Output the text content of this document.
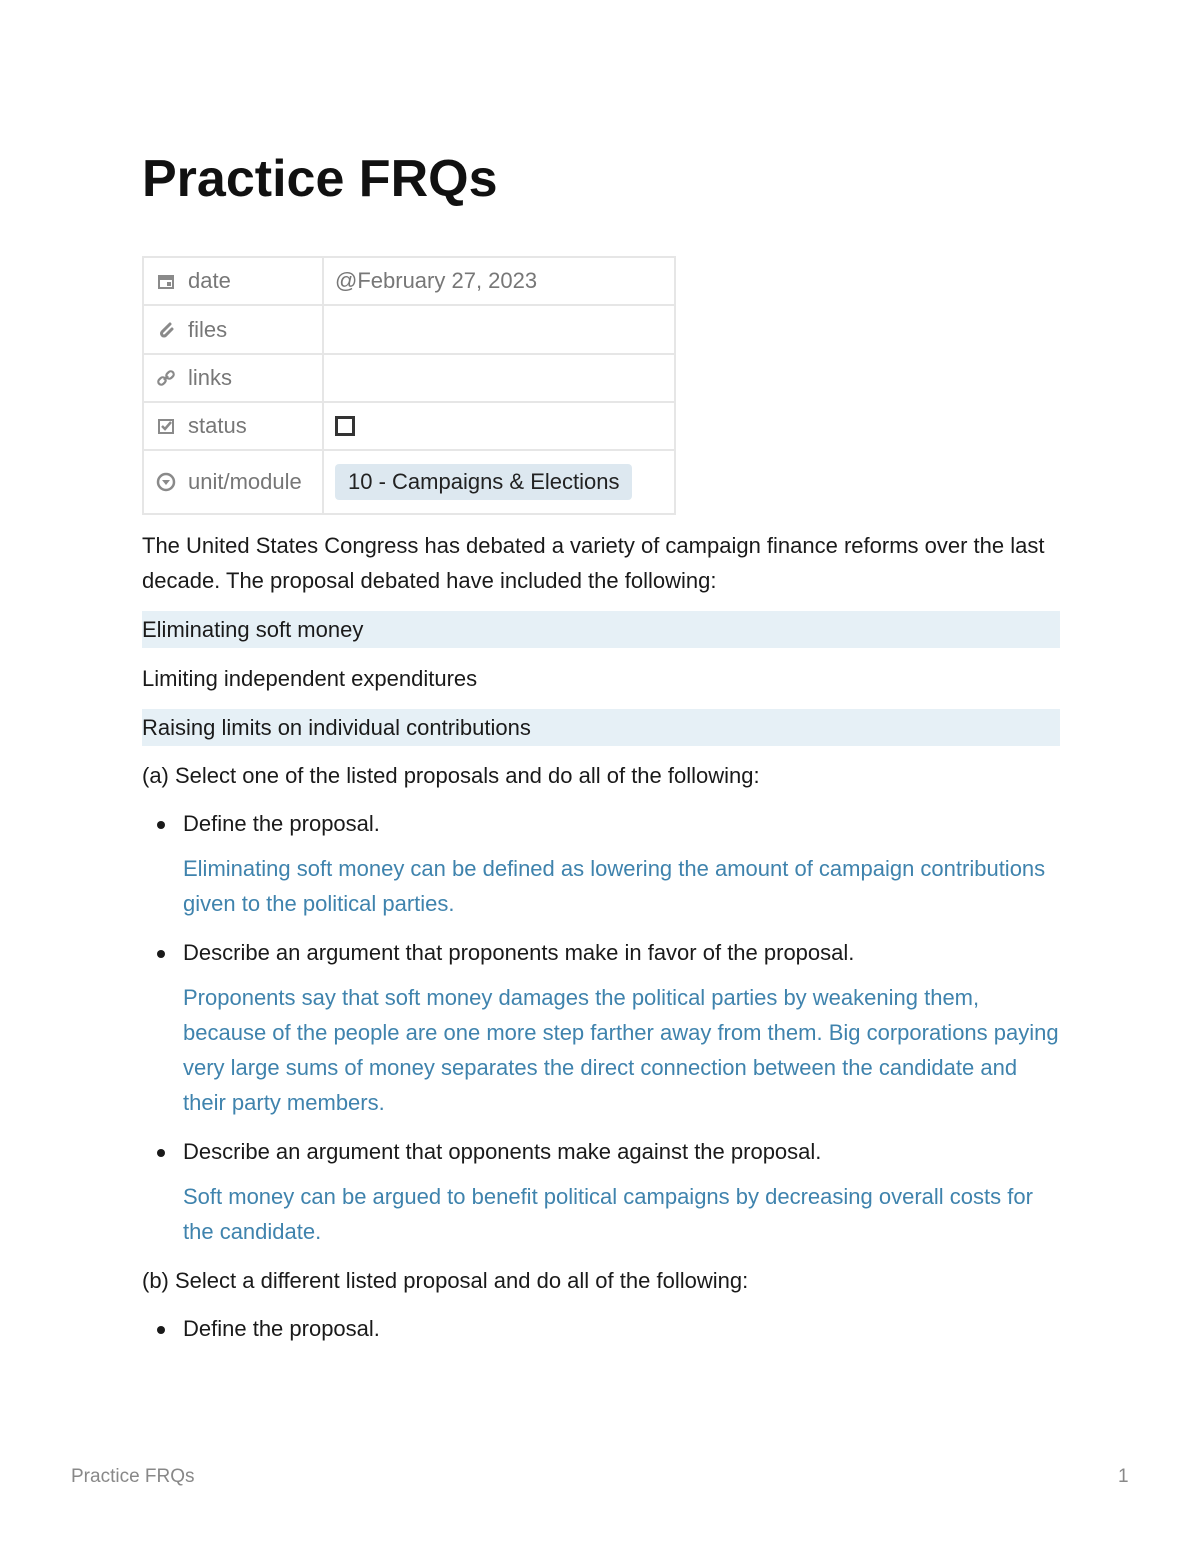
Practice FRQs
date	@February 27, 2023

files	

links	

status	

unit/module	10 - Campaigns & Elections

The United States Congress has debated a variety of campaign finance reforms over the last decade. The proposal debated have included the following:

Eliminating soft money
Limiting independent expenditures
Raising limits on individual contributions

(a) Select one of the listed proposals and do all of the following:

Define the proposal.

Eliminating soft money can be defined as lowering the amount of campaign contributions given to the political parties.

Describe an argument that proponents make in favor of the proposal.

Proponents say that soft money damages the political parties by weakening them, because of the people are one more step farther away from them. Big corporations paying very large sums of money separates the direct connection between the candidate and their party members.

Describe an argument that opponents make against the proposal.

Soft money can be argued to benefit political campaigns by decreasing overall costs for the candidate.

(b) Select a different listed proposal and do all of the following:

Define the proposal.
Practice FRQs	1
